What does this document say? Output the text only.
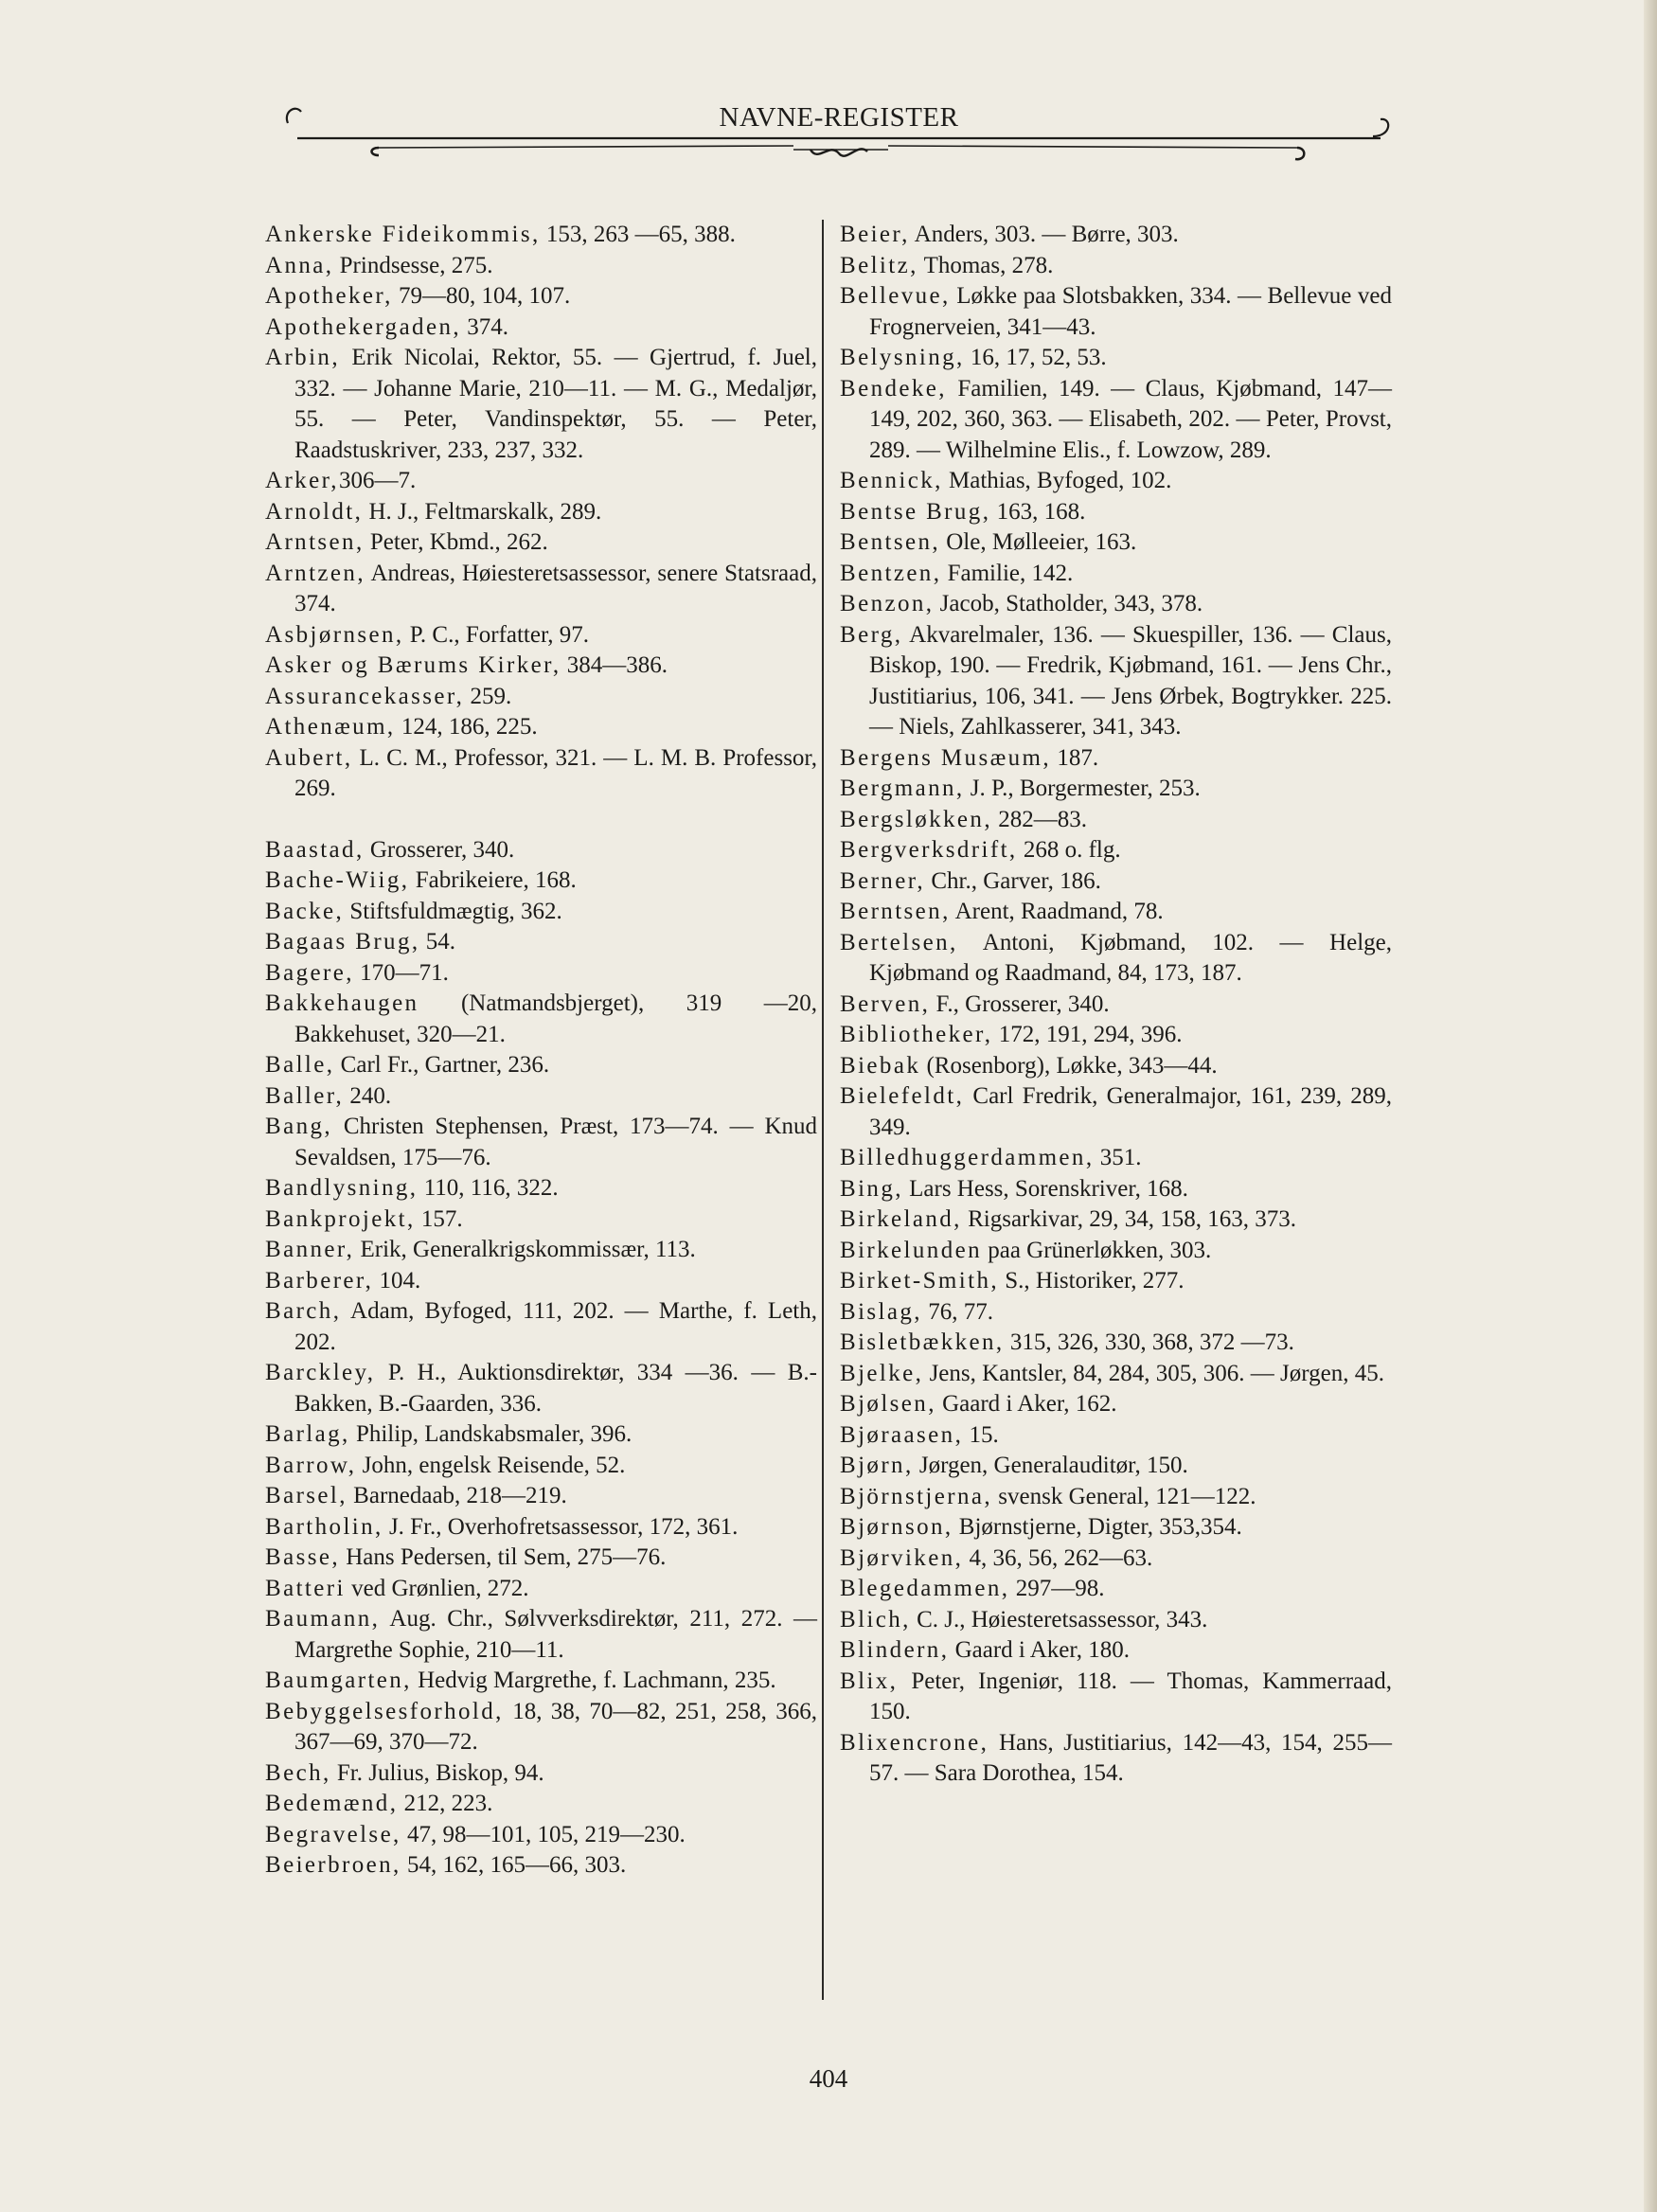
NAVNE-REGISTER

Ankerske Fideikommis, 153, 263 —65, 388.

Anna, Prindsesse, 275.

Apotheker, 79—80, 104, 107.

Apothekergaden, 374.

Arbin, Erik Nicolai, Rektor, 55. — Gjertrud, f. Juel, 332. — Johanne Marie, 210—11. — M. G., Medaljør, 55. — Peter, Vandinspektør, 55. — Peter, Raadstuskriver, 233, 237, 332.

Arker,306—7.

Arnoldt, H. J., Feltmarskalk, 289.

Arntsen, Peter, Kbmd., 262.

Arntzen, Andreas, Høiesteretsassessor, senere Statsraad, 374.

Asbjørnsen, P. C., Forfatter, 97.

Asker og Bærums Kirker, 384—386.

Assurancekasser, 259.

Athenæum, 124, 186, 225.

Aubert, L. C. M., Professor, 321. — L. M. B. Professor, 269.

Baastad, Grosserer, 340.

Bache-Wiig, Fabrikeiere, 168.

Backe, Stiftsfuldmægtig, 362.

Bagaas Brug, 54.

Bagere, 170—71.

Bakkehaugen (Natmandsbjerget), 319 —20, Bakkehuset, 320—21.

Balle, Carl Fr., Gartner, 236.

Baller, 240.

Bang, Christen Stephensen, Præst, 173—74. — Knud Sevaldsen, 175—76.

Bandlysning, 110, 116, 322.

Bankprojekt, 157.

Banner, Erik, Generalkrigskommissær, 113.

Barberer, 104.

Barch, Adam, Byfoged, 111, 202. — Marthe, f. Leth, 202.

Barckley, P. H., Auktionsdirektør, 334 —36. — B.-Bakken, B.-Gaarden, 336.

Barlag, Philip, Landskabsmaler, 396.

Barrow, John, engelsk Reisende, 52.

Barsel, Barnedaab, 218—219.

Bartholin, J. Fr., Overhofretsassessor, 172, 361.

Basse, Hans Pedersen, til Sem, 275—76.

Batteri ved Grønlien, 272.

Baumann, Aug. Chr., Sølvverksdirektør, 211, 272. — Margrethe Sophie, 210—11.

Baumgarten, Hedvig Margrethe, f. Lachmann, 235.

Bebyggelsesforhold, 18, 38, 70—82, 251, 258, 366, 367—69, 370—72.

Bech, Fr. Julius, Biskop, 94.

Bedemænd, 212, 223.

Begravelse, 47, 98—101, 105, 219—230.

Beierbroen, 54, 162, 165—66, 303.

Beier, Anders, 303. — Børre, 303.

Belitz, Thomas, 278.

Bellevue, Løkke paa Slotsbakken, 334. — Bellevue ved Frognerveien, 341—43.

Belysning, 16, 17, 52, 53.

Bendeke, Familien, 149. — Claus, Kjøbmand, 147—149, 202, 360, 363. — Elisabeth, 202. — Peter, Provst, 289. — Wilhelmine Elis., f. Lowzow, 289.

Bennick, Mathias, Byfoged, 102.

Bentse Brug, 163, 168.

Bentsen, Ole, Mølleeier, 163.

Bentzen, Familie, 142.

Benzon, Jacob, Statholder, 343, 378.

Berg, Akvarelmaler, 136. — Skuespiller, 136. — Claus, Biskop, 190. — Fredrik, Kjøbmand, 161. — Jens Chr., Justitiarius, 106, 341. — Jens Ørbek, Bogtrykker. 225. — Niels, Zahlkasserer, 341, 343.

Bergens Musæum, 187.

Bergmann, J. P., Borgermester, 253.

Bergsløkken, 282—83.

Bergverksdrift, 268 o. flg.

Berner, Chr., Garver, 186.

Berntsen, Arent, Raadmand, 78.

Bertelsen, Antoni, Kjøbmand, 102. — Helge, Kjøbmand og Raadmand, 84, 173, 187.

Berven, F., Grosserer, 340.

Bibliotheker, 172, 191, 294, 396.

Biebak (Rosenborg), Løkke, 343—44.

Bielefeldt, Carl Fredrik, Generalmajor, 161, 239, 289, 349.

Billedhuggerdammen, 351.

Bing, Lars Hess, Sorenskriver, 168.

Birkeland, Rigsarkivar, 29, 34, 158, 163, 373.

Birkelunden paa Grünerløkken, 303.

Birket-Smith, S., Historiker, 277.

Bislag, 76, 77.

Bisletbækken, 315, 326, 330, 368, 372 —73.

Bjelke, Jens, Kantsler, 84, 284, 305, 306. — Jørgen, 45.

Bjølsen, Gaard i Aker, 162.

Bjøraasen, 15.

Bjørn, Jørgen, Generalauditør, 150.

Björnstjerna, svensk General, 121—122.

Bjørnson, Bjørnstjerne, Digter, 353,354.

Bjørviken, 4, 36, 56, 262—63.

Blegedammen, 297—98.

Blich, C. J., Høiesteretsassessor, 343.

Blindern, Gaard i Aker, 180.

Blix, Peter, Ingeniør, 118. — Thomas, Kammerraad, 150.

Blixencrone, Hans, Justitiarius, 142—43, 154, 255—57. — Sara Dorothea, 154.

404
